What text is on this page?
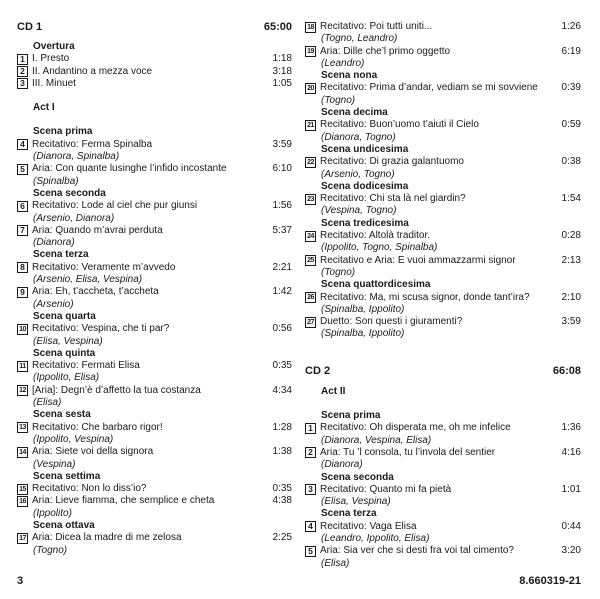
CD 1	65:00
Overtura
1 I. Presto	1:18
2 II. Andantino a mezza voce	3:18
3 III. Minuet	1:05
Act I
Scena prima
4 Recitativo: Ferma Spinalba	3:59
(Dianora, Spinalba)
5 Aria: Con quante lusinghe l’infido incostante	6:10
(Spinalba)
Scena seconda
6 Recitativo: Lode al ciel che pur giunsi	1:56
(Arsenio, Dianora)
7 Aria: Quando m’avrai perduta	5:37
(Dianora)
Scena terza
8 Recitativo: Veramente m’avvedo	2:21
(Arsenio, Elisa, Vespina)
9 Aria: Eh, t’accheta, t’accheta	1:42
(Arsenio)
Scena quarta
10 Recitativo: Vespina, che ti par?	0:56
(Elisa, Vespina)
Scena quinta
11 Recitativo: Fermati Elisa	0:35
(Ippolito, Elisa)
12 [Aria]: Degn’è d’affetto la tua costanza	4:34
(Elisa)
Scena sesta
13 Recitativo: Che barbaro rigor!	1:28
(Ippolito, Vespina)
14 Aria: Siete voi della signora	1:38
(Vespina)
Scena settima
15 Recitativo: Non lo diss’io?	0:35
16 Aria: Lieve fiamma, che semplice e cheta	4:38
(Ippolito)
Scena ottava
17 Aria: Dicea la madre di me zelosa	2:25
(Togno)
18 Recitativo: Poi tutti uniti...	1:26
(Togno, Leandro)
19 Aria: Dille che’l primo oggetto	6:19
(Leandro)
Scena nona
20 Recitativo: Prima d’andar, vediam se mi sovviene	0:39
(Togno)
Scena decima
21 Recitativo: Buon’uomo t’aiuti il Cielo	0:59
(Dianora, Togno)
Scena undicesima
22 Recitativo: Di grazia galantuomo	0:38
(Arsenio, Togno)
Scena dodicesima
23 Recitativo: Chi sta là nel giardin?	1:54
(Vespina, Togno)
Scena tredicesima
24 Recitativo: Altolà traditor.	0:28
(Ippolito, Togno, Spinalba)
25 Recitativo e Aria: E vuoi ammazzarmi signor	2:13
(Togno)
Scena quattordicesima
26 Recitativo: Ma, mi scusa signor, donde tant’ira?	2:10
(Spinalba, Ippolito)
27 Duetto: Son questi i giuramenti?	3:59
(Spinalba, Ippolito)
CD 2	66:08
Act II
Scena prima
1 Recitativo: Oh disperata me, oh me infelice	1:36
(Dianora, Vespina, Elisa)
2 Aria: Tu ’l consola, tu l’invola del sentier	4:16
(Dianora)
Scena seconda
3 Recitativo: Quanto mi fa pietà	1:01
(Elisa, Vespina)
Scena terza
4 Recitativo: Vaga Elisa	0:44
(Leandro, Ippolito, Elisa)
5 Aria: Sia ver che si desti fra voi tal cimento?	3:20
(Elisa)
3	8.660319-21
